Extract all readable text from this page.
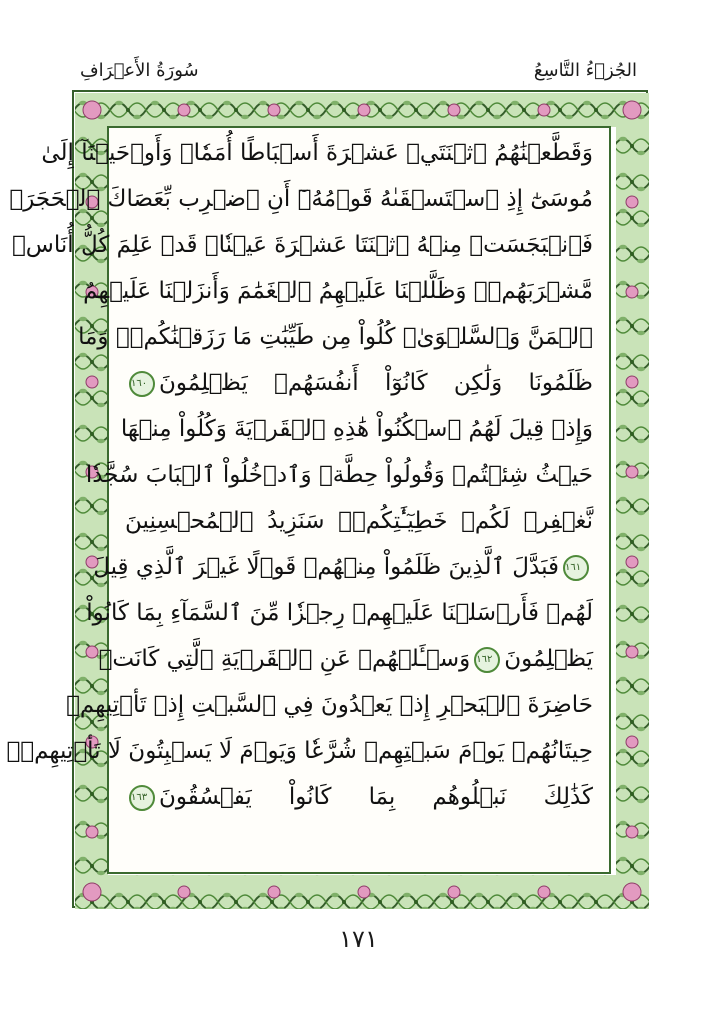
سُورَةُ الأَعۡرَافِ	الجُزۡءُ التَّاسِعُ
وَقَطَّعۡنَٰهُمُ ٱثۡنَتَيۡ عَشۡرَةَ أَسۡبَاطًا أُمَمٗاۚ وَأَوۡحَيۡنَآ إِلَىٰ
مُوسَىٰٓ إِذِ ٱسۡتَسۡقَىٰهُ قَوۡمُهُۥٓ أَنِ ٱضۡرِب بِّعَصَاكَ ٱلۡحَجَرَۖ
فَٱنۢبَجَسَتۡ مِنۡهُ ٱثۡنَتَا عَشۡرَةَ عَيۡنٗاۖ قَدۡ عَلِمَ كُلُّ أُنَاسٖ
مَّشۡرَبَهُمۡۚ وَظَلَّلۡنَا عَلَيۡهِمُ ٱلۡغَمَٰمَ وَأَنزَلۡنَا عَلَيۡهِمُ
ٱلۡمَنَّ وَٱلسَّلۡوَىٰۖ كُلُواْ مِن طَيِّبَٰتِ مَا رَزَقۡنَٰكُمۡۚ وَمَا
ظَلَمُونَا وَلَٰكِن كَانُوٓاْ أَنفُسَهُمۡ يَظۡلِمُونَ١٦٠
وَإِذۡ قِيلَ لَهُمُ ٱسۡكُنُواْ هَٰذِهِ ٱلۡقَرۡيَةَ وَكُلُواْ مِنۡهَا
حَيۡثُ شِئۡتُمۡ وَقُولُواْ حِطَّةٞ وَٱدۡخُلُواْ ٱلۡبَابَ سُجَّدٗا
نَّغۡفِرۡ لَكُمۡ خَطِيٓـَٰٔتِكُمۡۚ سَنَزِيدُ ٱلۡمُحۡسِنِينَ
١٦١فَبَدَّلَ ٱلَّذِينَ ظَلَمُواْ مِنۡهُمۡ قَوۡلًا غَيۡرَ ٱلَّذِي قِيلَ
لَهُمۡ فَأَرۡسَلۡنَا عَلَيۡهِمۡ رِجۡزٗا مِّنَ ٱلسَّمَآءِ بِمَا كَانُواْ
يَظۡلِمُونَ١٦٢وَسۡـَٔلۡهُمۡ عَنِ ٱلۡقَرۡيَةِ ٱلَّتِي كَانَتۡ
حَاضِرَةَ ٱلۡبَحۡرِ إِذۡ يَعۡدُونَ فِي ٱلسَّبۡتِ إِذۡ تَأۡتِيهِمۡ
حِيتَانُهُمۡ يَوۡمَ سَبۡتِهِمۡ شُرَّعٗا وَيَوۡمَ لَا يَسۡبِتُونَ لَا تَأۡتِيهِمۡۚ
كَذَٰلِكَ نَبۡلُوهُم بِمَا كَانُواْ يَفۡسُقُونَ١٦٣
١٧١
